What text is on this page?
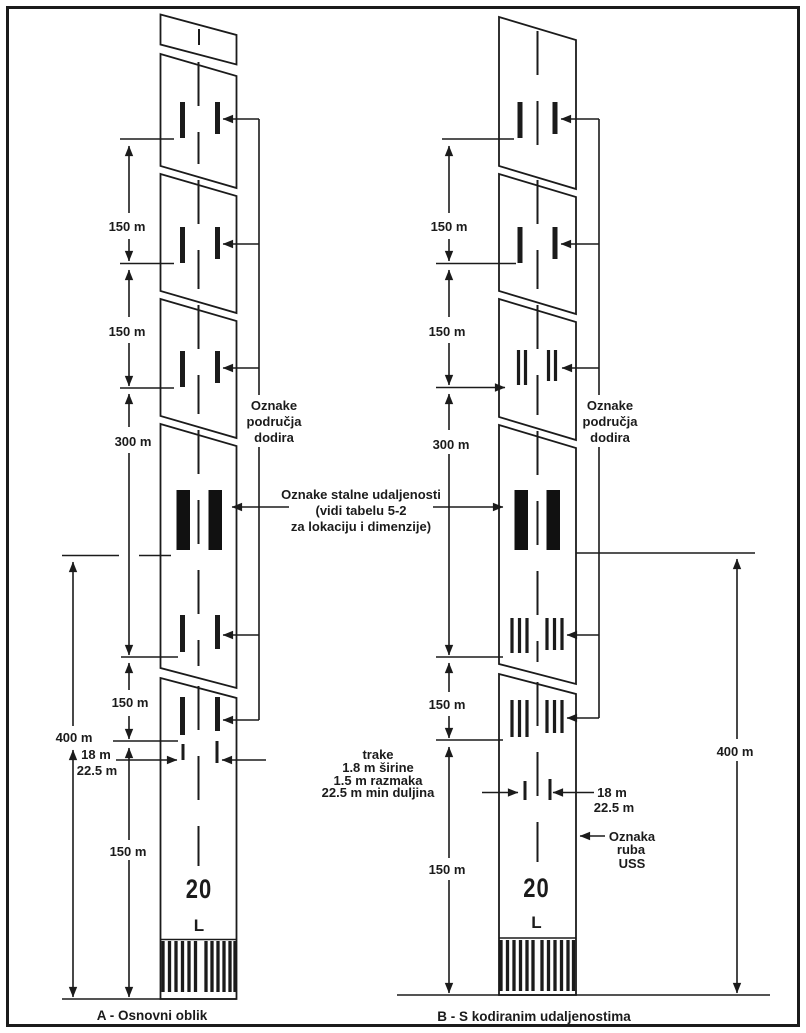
20
L
150 m
150 m
300 m
150 m
150 m
400 m
18 m
22.5 m
Oznake
područja
dodira
Oznake stalne udaljenosti
(vidi tabelu 5-2
za lokaciju i dimenzije)
A - Osnovni oblik
20
L
150 m
150 m
300 m
150 m
150 m
400 m
18 m
22.5 m
Oznake
područja
dodira
trake
1.8 m širine
1.5 m razmaka
22.5 m min duljina
Oznaka
ruba
USS
B - S kodiranim udaljenostima
